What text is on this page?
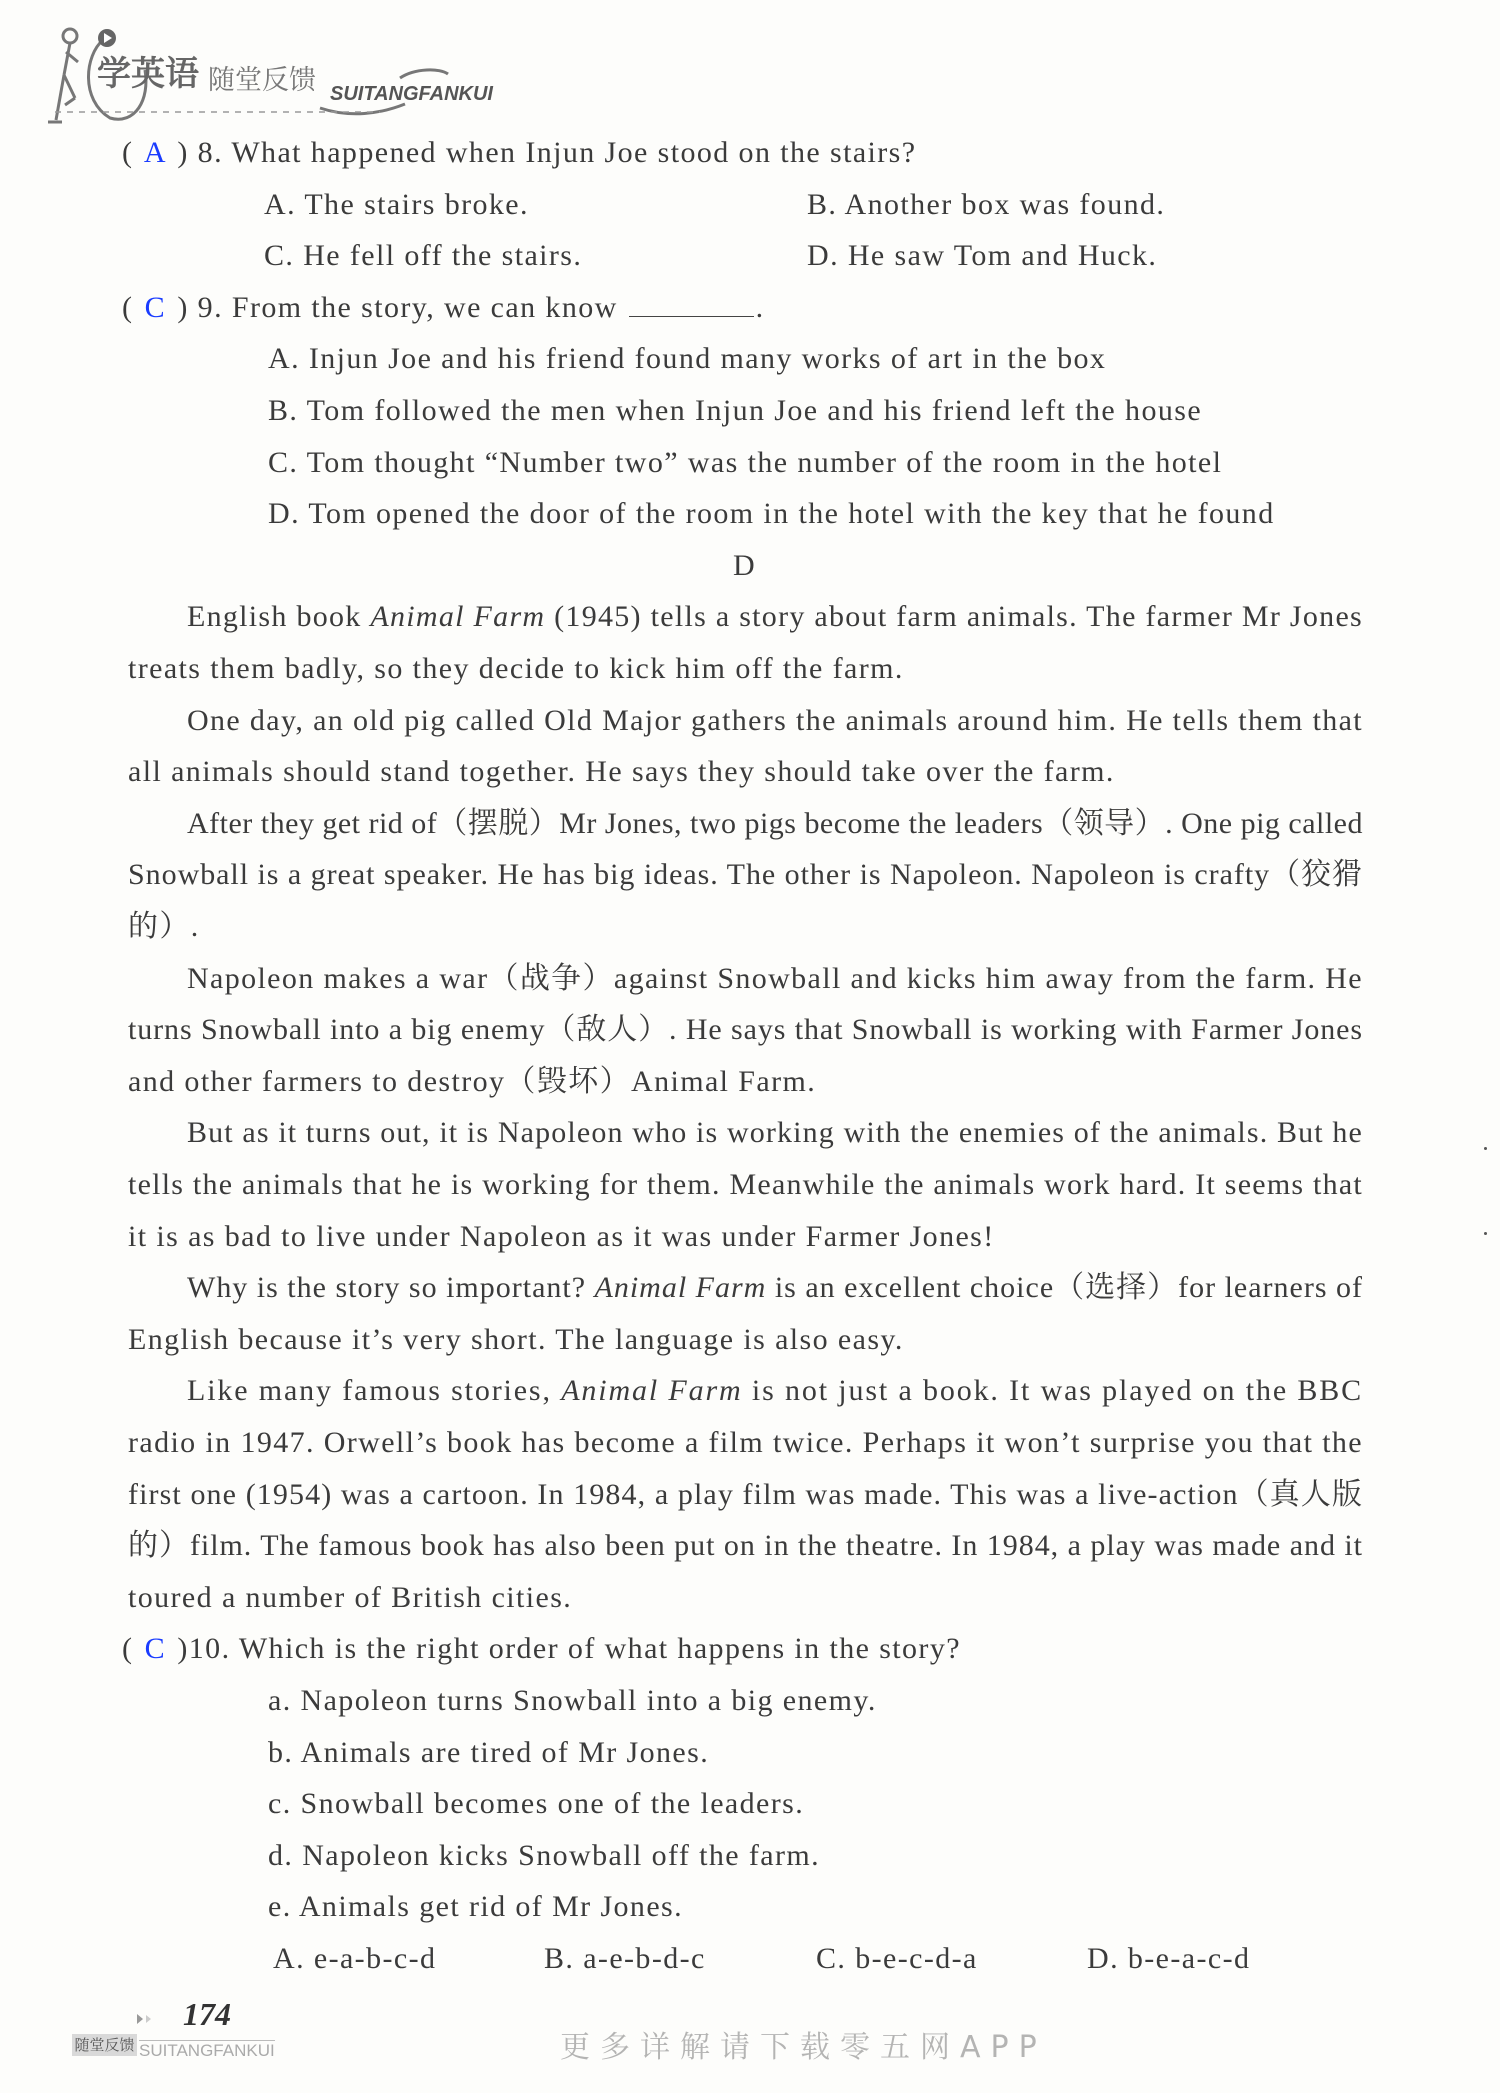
学英语 随堂反馈 SUITANGFANKUI
( A ) 8. What happened when Injun Joe stood on the stairs?
A. The stairs broke.	B. Another box was found.
C. He fell off the stairs.	D. He saw Tom and Huck.
( C ) 9. From the story, we can know	.
A. Injun Joe and his friend found many works of art in the box
B. Tom followed the men when Injun Joe and his friend left the house
C. Tom thought “Number two” was the number of the room in the hotel
D. Tom opened the door of the room in the hotel with the key that he found
D
English book Animal Farm (1945) tells a story about farm animals. The farmer Mr Jones
treats them badly, so they decide to kick him off the farm.
One day, an old pig called Old Major gathers the animals around him. He tells them that
all animals should stand together. He says they should take over the farm.
After they get rid of（摆脱）Mr Jones, two pigs become the leaders（领导）. One pig called
Snowball is a great speaker. He has big ideas. The other is Napoleon. Napoleon is crafty（狡猾
的）.
Napoleon makes a war（战争）against Snowball and kicks him away from the farm. He
turns Snowball into a big enemy（敌人）. He says that Snowball is working with Farmer Jones
and other farmers to destroy（毁坏）Animal Farm.
But as it turns out, it is Napoleon who is working with the enemies of the animals. But he
tells the animals that he is working for them. Meanwhile the animals work hard. It seems that
it is as bad to live under Napoleon as it was under Farmer Jones!
Why is the story so important? Animal Farm is an excellent choice（选择）for learners of
English because it’s very short. The language is also easy.
Like many famous stories, Animal Farm is not just a book. It was played on the BBC
radio in 1947. Orwell’s book has become a film twice. Perhaps it won’t surprise you that the
first one (1954) was a cartoon. In 1984, a play film was made. This was a live-action（真人版
的）film. The famous book has also been put on in the theatre. In 1984, a play was made and it
toured a number of British cities.
( C )10. Which is the right order of what happens in the story?
a. Napoleon turns Snowball into a big enemy.
b. Animals are tired of Mr Jones.
c. Snowball becomes one of the leaders.
d. Napoleon kicks Snowball off the farm.
e. Animals get rid of Mr Jones.
A. e-a-b-c-d	B. a-e-b-d-c	C. b-e-c-d-a	D. b-e-a-c-d
更多详解请下载零五网APP
174
随堂反馈 SUITANGFANKUI
